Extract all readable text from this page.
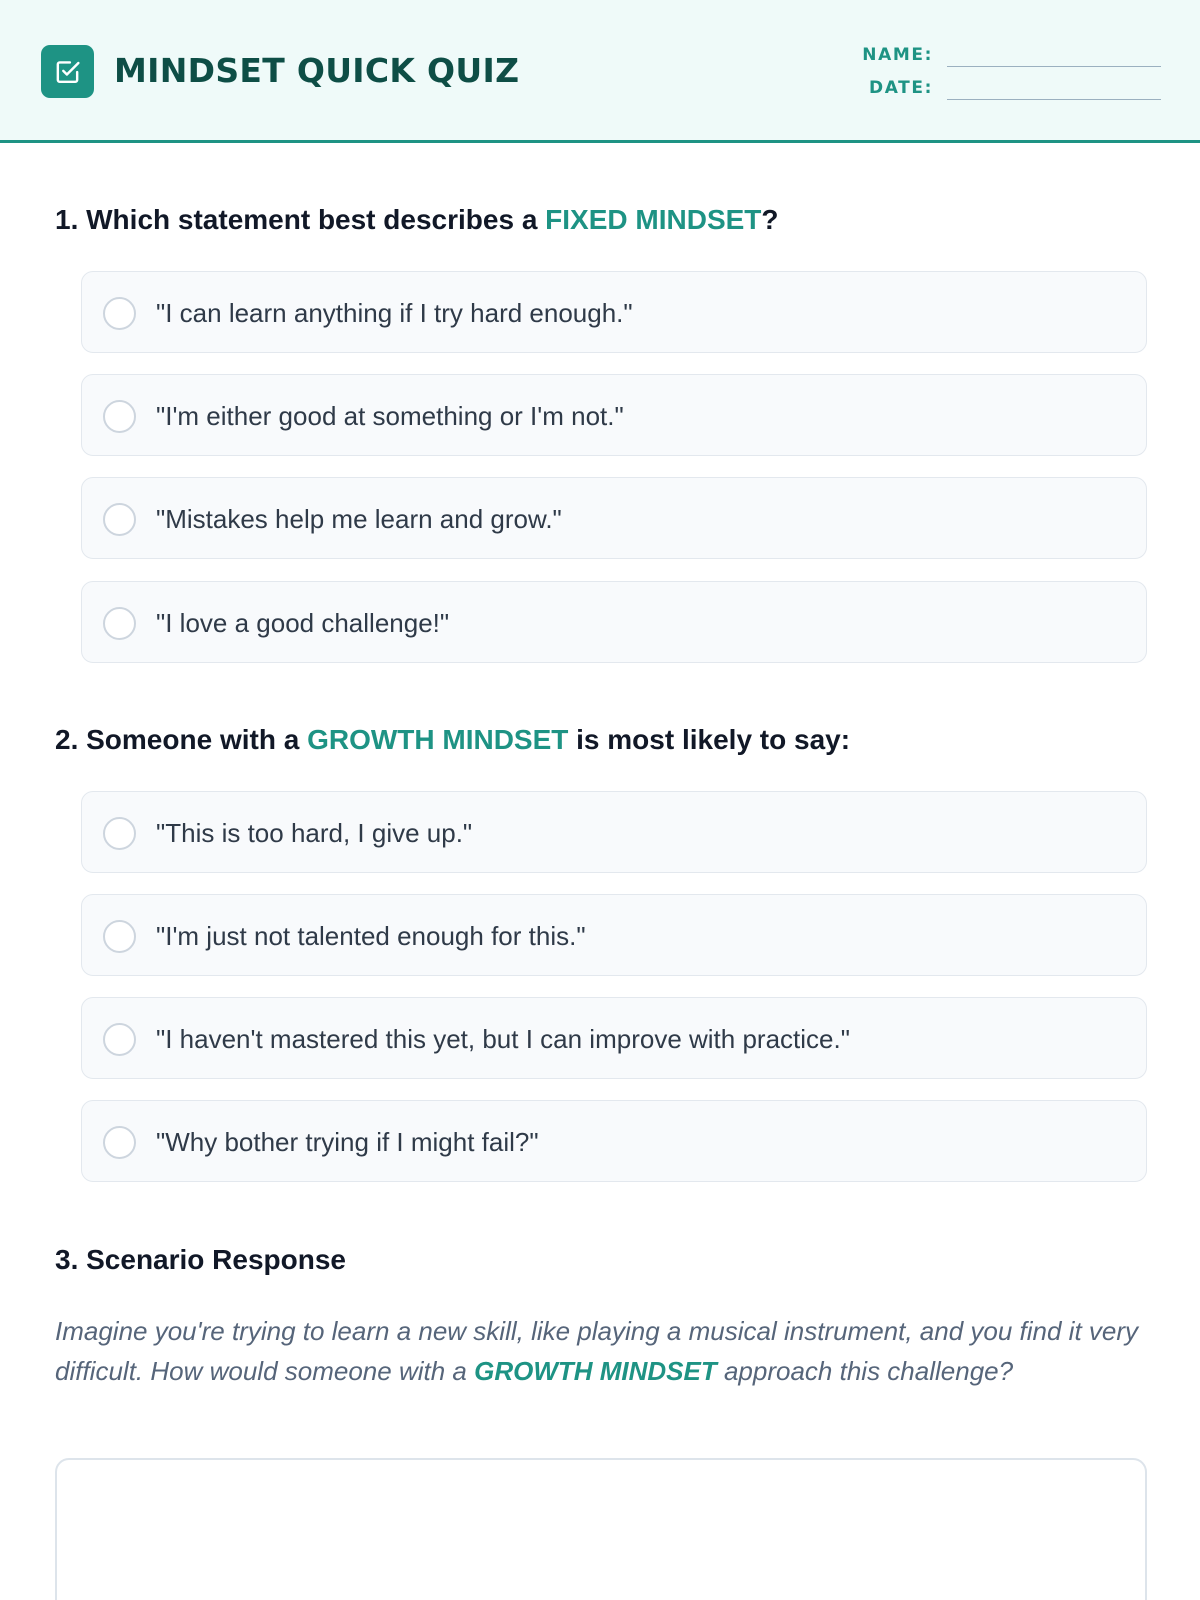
MINDSET QUICK QUIZ	NAME:
DATE:
1. Which statement best describes a FIXED MINDSET?
"I can learn anything if I try hard enough."
"I'm either good at something or I'm not."
"Mistakes help me learn and grow."
"I love a good challenge!"
2. Someone with a GROWTH MINDSET is most likely to say:
"This is too hard, I give up."
"I'm just not talented enough for this."
"I haven't mastered this yet, but I can improve with practice."
"Why bother trying if I might fail?"
3. Scenario Response
Imagine you're trying to learn a new skill, like playing a musical instrument, and you find it very difficult. How would someone with a GROWTH MINDSET approach this challenge?
